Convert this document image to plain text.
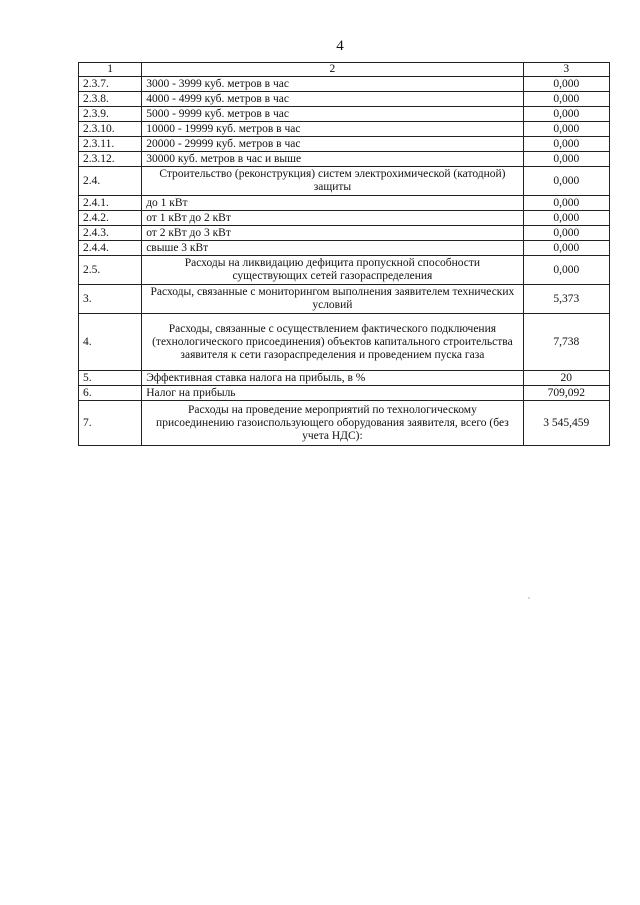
4
1	2	3
2.3.7.	3000 - 3999 куб. метров в час	0,000
2.3.8.	4000 - 4999 куб. метров в час	0,000
2.3.9.	5000 - 9999 куб. метров в час	0,000
2.3.10.	10000 - 19999 куб. метров в час	0,000
2.3.11.	20000 - 29999 куб. метров в час	0,000
2.3.12.	30000 куб. метров в час и выше	0,000
2.4.	Строительство (реконструкция) систем электрохимической (катодной) защиты	0,000
2.4.1.	до 1 кВт	0,000
2.4.2.	от 1 кВт до 2 кВт	0,000
2.4.3.	от 2 кВт до 3 кВт	0,000
2.4.4.	свыше 3 кВт	0,000
2.5.	Расходы на ликвидацию дефицита пропускной способности существующих сетей газораспределения	0,000
3.	Расходы, связанные с мониторингом выполнения заявителем технических условий	5,373
4.	Расходы, связанные с осуществлением фактического подключения (технологического присоединения) объектов капитального строительства заявителя к сети газораспределения и проведением пуска газа	7,738
5.	Эффективная ставка налога на прибыль, в %	20
6.	Налог на прибыль	709,092
7.	Расходы на проведение мероприятий по технологическому присоединению газоиспользующего оборудования заявителя, всего (без учета НДС):	3 545,459
